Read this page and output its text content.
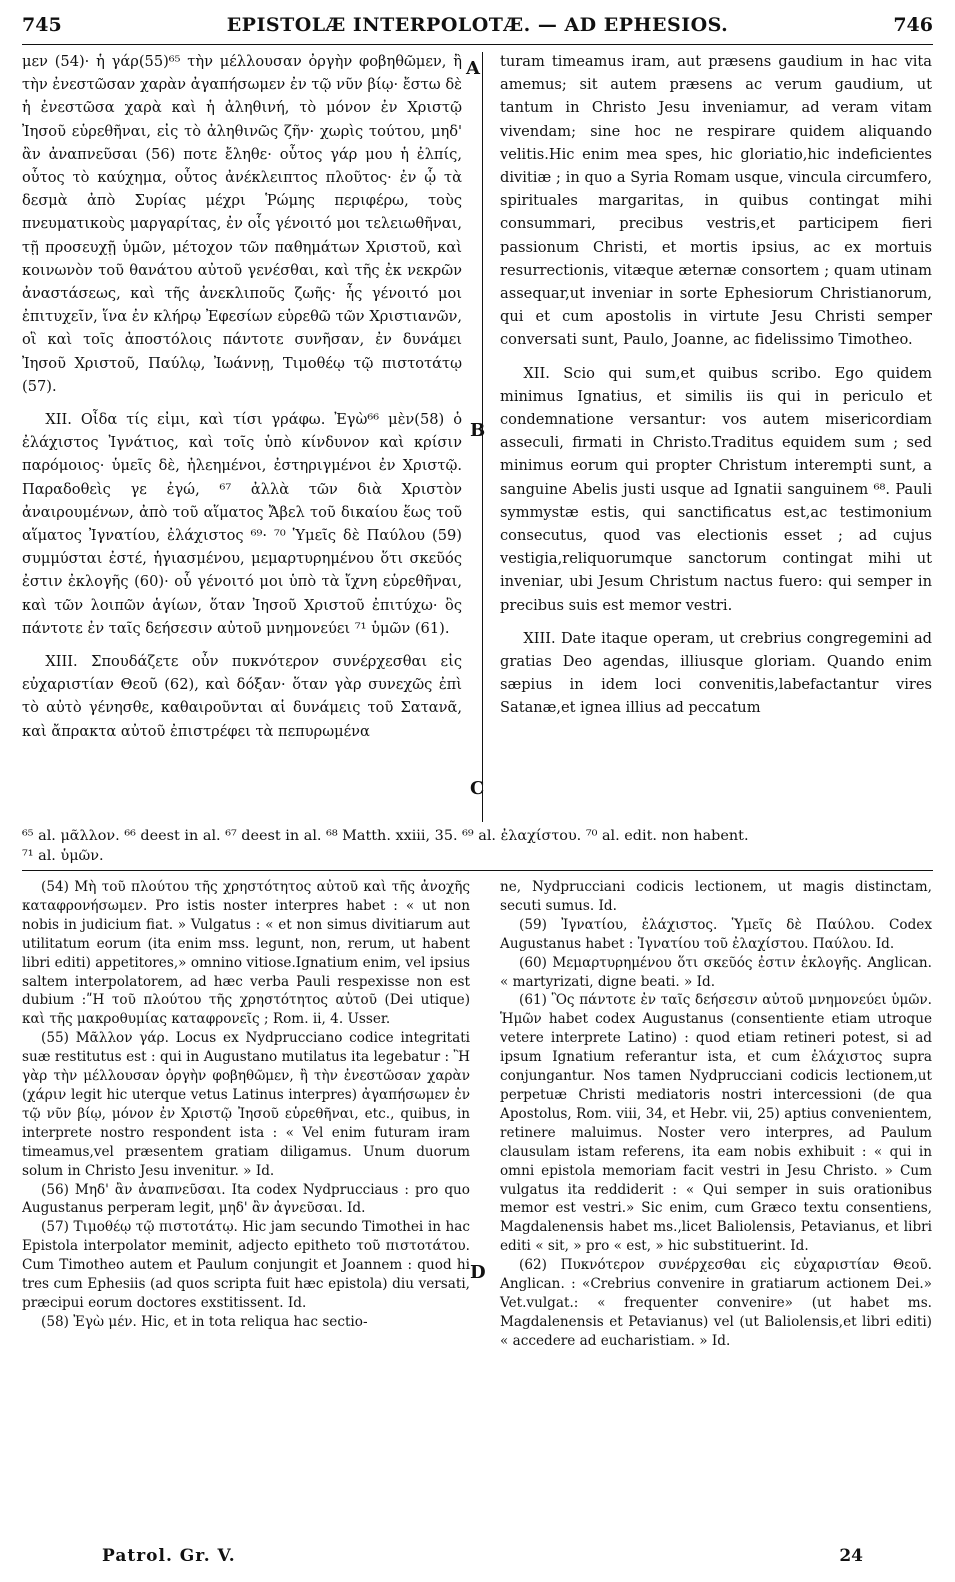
745	EPISTOLÆ INTERPOLOTÆ. — AD EPHESIOS.	746

μεν (54)· ἡ γάρ(55)⁶⁵ τὴν μέλλουσαν ὀργὴν φοβηθῶμεν, ἢ τὴν ἐνεστῶσαν χαρὰν ἀγαπήσωμεν ἐν τῷ νῦν βίῳ· ἔστω δὲ ἡ ἐνεστῶσα χαρὰ καὶ ἡ ἀληθινή, τὸ μόνον ἐν Χριστῷ Ἰησοῦ εὑρεθῆναι, εἰς τὸ ἀληθινῶς ζῆν· χωρὶς τούτου, μηδ' ἂν ἀναπνεῦσαι (56) ποτε ἔληθε· οὗτος γάρ μου ἡ ἐλπίς, οὗτος τὸ καύχημα, οὗτος ἀνέκλειπτος πλοῦτος· ἐν ᾧ τὰ δεσμὰ ἀπὸ Συρίας μέχρι Ῥώμης περιφέρω, τοὺς πνευματικοὺς μαργαρίτας, ἐν οἷς γένοιτό μοι τελειωθῆναι, τῇ προσευχῇ ὑμῶν, μέτοχον τῶν παθημάτων Χριστοῦ, καὶ κοινωνὸν τοῦ θανάτου αὐτοῦ γενέσθαι, καὶ τῆς ἐκ νεκρῶν ἀναστάσεως, καὶ τῆς ἀνεκλιποῦς ζωῆς· ἧς γένοιτό μοι ἐπιτυχεῖν, ἵνα ἐν κλήρῳ Ἐφεσίων εὑρεθῶ τῶν Χριστιανῶν, οἳ καὶ τοῖς ἀποστόλοις πάντοτε συνῆσαν, ἐν δυνάμει Ἰησοῦ Χριστοῦ, Παύλῳ, Ἰωάννῃ, Τιμοθέῳ τῷ πιστοτάτῳ (57).

XII. Οἶδα τίς εἰμι, καὶ τίσι γράφω. Ἐγὼ⁶⁶ μὲν(58) ὁ ἐλάχιστος Ἰγνάτιος, καὶ τοῖς ὑπὸ κίνδυνον καὶ κρίσιν παρόμοιος· ὑμεῖς δὲ, ἠλεημένοι, ἐστηριγμένοι ἐν Χριστῷ. Παραδοθεὶς γε ἐγώ, ⁶⁷ ἀλλὰ τῶν διὰ Χριστὸν ἀναιρουμένων, ἀπὸ τοῦ αἵματος Ἄβελ τοῦ δικαίου ἕως τοῦ αἵματος Ἰγνατίου, ἐλάχιστος ⁶⁹· ⁷⁰ Ὑμεῖς δὲ Παύλου (59) συμμύσται ἐστέ, ἡγιασμένου, μεμαρτυρημένου ὅτι σκεῦός ἐστιν ἐκλογῆς (60)· οὗ γένοιτό μοι ὑπὸ τὰ ἴχνη εὑρεθῆναι, καὶ τῶν λοιπῶν ἁγίων, ὅταν Ἰησοῦ Χριστοῦ ἐπιτύχω· ὃς πάντοτε ἐν ταῖς δεήσεσιν αὐτοῦ μνημονεύει ⁷¹ ὑμῶν (61).

XIII. Σπουδάζετε οὖν πυκνότερον συνέρχεσθαι εἰς εὐχαριστίαν Θεοῦ (62), καὶ δόξαν· ὅταν γὰρ συνεχῶς ἐπὶ τὸ αὐτὸ γένησθε, καθαιροῦνται αἱ δυνάμεις τοῦ Σατανᾶ, καὶ ἄπρακτα αὐτοῦ ἐπιστρέφει τὰ πεπυρωμένα

A
B
C
D

turam timeamus iram, aut præsens gaudium in hac vita amemus; sit autem præsens ac verum gaudium, ut tantum in Christo Jesu inveniamur, ad veram vitam vivendam; sine hoc ne respirare quidem aliquando velitis.Hic enim mea spes, hic gloriatio,hic indeficientes divitiæ ; in quo a Syria Romam usque, vincula circumfero, spirituales margaritas, in quibus contingat mihi consummari, precibus vestris,et participem fieri passionum Christi, et mortis ipsius, ac ex mortuis resurrectionis, vitæque æternæ consortem ; quam utinam assequar,ut inveniar in sorte Ephesiorum Christianorum, qui et cum apostolis in virtute Jesu Christi semper conversati sunt, Paulo, Joanne, ac fidelissimo Timotheo.

XII. Scio qui sum,et quibus scribo. Ego quidem minimus Ignatius, et similis iis qui in periculo et condemnatione versantur: vos autem misericordiam asseculi, firmati in Christo.Traditus equidem sum ; sed minimus eorum qui propter Christum interempti sunt, a sanguine Abelis justi usque ad Ignatii sanguinem ⁶⁸. Pauli symmystæ estis, qui sanctificatus est,ac testimonium consecutus, quod vas electionis esset ; ad cujus vestigia,reliquorumque sanctorum contingat mihi ut inveniar, ubi Jesum Christum nactus fuero: qui semper in precibus suis est memor vestri.

XIII. Date itaque operam, ut crebrius congregemini ad gratias Deo agendas, illiusque gloriam. Quando enim sæpius in idem loci convenitis,labefactantur vires Satanæ,et ignea illius ad peccatum

⁶⁵ al. μᾶλλον. ⁶⁶ deest in al. ⁶⁷ deest in al. ⁶⁸ Matth. xxiii, 35. ⁶⁹ al. ἐλαχίστου. ⁷⁰ al. edit. non habent.
⁷¹ al. ὑμῶν.

(54) Μὴ τοῦ πλούτου τῆς χρηστότητος αὐτοῦ καὶ τῆς ἀνοχῆς καταφρονήσωμεν. Pro istis noster interpres habet : « ut non nobis in judicium fiat. » Vulgatus : « et non simus divitiarum aut utilitatum eorum (ita enim mss. legunt, non, rerum, ut habent libri editi) appetitores,» omnino vitiose.Ignatium enim, vel ipsius saltem interpolatorem, ad hæc verba Pauli respexisse non est dubium :ʺΗ τοῦ πλούτου τῆς χρηστότητος αὐτοῦ (Dei utique) καὶ τῆς μακροθυμίας καταφρονεῖς ; Rom. ii, 4. Usser.

(55) Μᾶλλον γάρ. Locus ex Nydprucciano codice integritati suæ restitutus est : qui in Augustano mutilatus ita legebatur : Ἢ γὰρ τὴν μέλλουσαν ὀργὴν φοβηθῶμεν, ἢ τὴν ἐνεστῶσαν χαρὰν (χάριν legit hic uterque vetus Latinus interpres) ἀγαπήσωμεν ἐν τῷ νῦν βίῳ, μόνον ἐν Χριστῷ Ἰησοῦ εὑρεθῆναι, etc., quibus, in interprete nostro respondent ista : « Vel enim futuram iram timeamus,vel præsentem gratiam diligamus. Unum duorum solum in Christo Jesu invenitur. » Id.

(56) Μηδ' ἂν ἀναπνεῦσαι. Ita codex Nydprucciaus : pro quo Augustanus perperam legit, μηδ' ἂν ἀγνεῦσαι. Id.

(57) Τιμοθέῳ τῷ πιστοτάτῳ. Hic jam secundo Timothei in hac Epistola interpolator meminit, adjecto epitheto τοῦ πιστοτάτου. Cum Timotheo autem et Paulum conjungit et Joannem : quod hi tres cum Ephesiis (ad quos scripta fuit hæc epistola) diu versati, præcipui eorum doctores exstitissent. Id.

(58) Ἐγὼ μέν. Hic, et in tota reliqua hac sectio-

ne, Nydprucciani codicis lectionem, ut magis distinctam, secuti sumus. Id.

(59) Ἰγνατίου, ἐλάχιστος. Ὑμεῖς δὲ Παύλου. Codex Augustanus habet : Ἰγνατίου τοῦ ἐλαχίστου. Παύλου. Id.

(60) Μεμαρτυρημένου ὅτι σκεῦός ἐστιν ἐκλογῆς. Anglican. « martyrizati, digne beati. » Id.

(61) Ὃς πάντοτε ἐν ταῖς δεήσεσιν αὐτοῦ μνημονεύει ὑμῶν. Ἡμῶν habet codex Augustanus (consentiente etiam utroque vetere interprete Latino) : quod etiam retineri potest, si ad ipsum Ignatium referantur ista, et cum ἐλάχιστος supra conjungantur. Nos tamen Nydprucciani codicis lectionem,ut perpetuæ Christi mediatoris nostri intercessioni (de qua Apostolus, Rom. viii, 34, et Hebr. vii, 25) aptius convenientem, retinere maluimus. Noster vero interpres, ad Paulum clausulam istam referens, ita eam nobis exhibuit : « qui in omni epistola memoriam facit vestri in Jesu Christo. » Cum vulgatus ita reddiderit : « Qui semper in suis orationibus memor est vestri.» Sic enim, cum Græco textu consentiens, Magdalenensis habet ms.,licet Baliolensis, Petavianus, et libri editi « sit, » pro « est, » hic substituerint. Id.

(62) Πυκνότερον συνέρχεσθαι εἰς εὐχαριστίαν Θεοῦ. Anglican. : «Crebrius convenire in gratiarum actionem Dei.» Vet.vulgat.: « frequenter convenire» (ut habet ms. Magdalenensis et Petavianus) vel (ut Baliolensis,et libri editi) « accedere ad eucharistiam. » Id.

Patrol. Gr. V.	24
